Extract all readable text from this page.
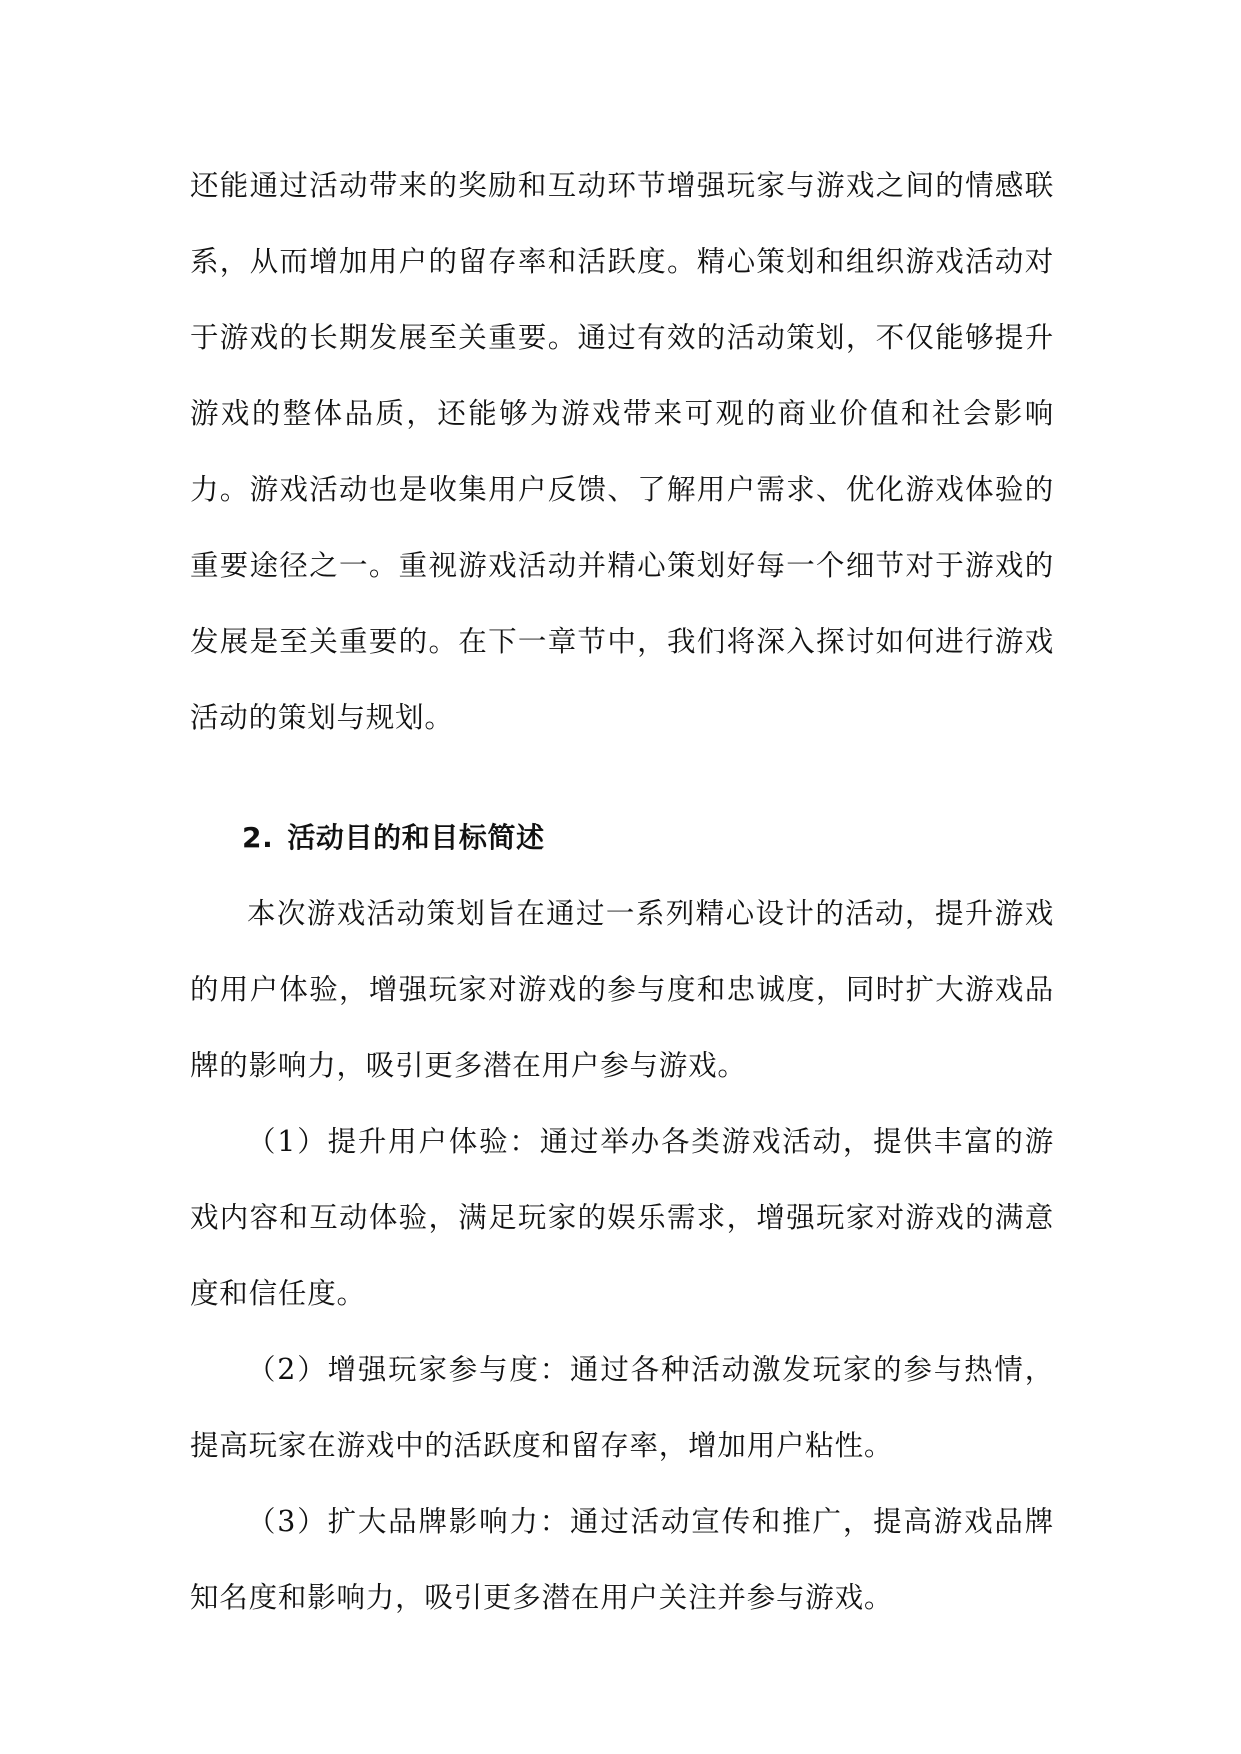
还能通过活动带来的奖励和互动环节增强玩家与游戏之间的情感联系，从而增加用户的留存率和活跃度。精心策划和组织游戏活动对于游戏的长期发展至关重要。通过有效的活动策划，不仅能够提升游戏的整体品质，还能够为游戏带来可观的商业价值和社会影响力。游戏活动也是收集用户反馈、了解用户需求、优化游戏体验的重要途径之一。重视游戏活动并精心策划好每一个细节对于游戏的发展是至关重要的。在下一章节中，我们将深入探讨如何进行游戏活动的策划与规划。

2. 活动目的和目标简述

本次游戏活动策划旨在通过一系列精心设计的活动，提升游戏的用户体验，增强玩家对游戏的参与度和忠诚度，同时扩大游戏品牌的影响力，吸引更多潜在用户参与游戏。

（1）提升用户体验：通过举办各类游戏活动，提供丰富的游戏内容和互动体验，满足玩家的娱乐需求，增强玩家对游戏的满意度和信任度。

（2）增强玩家参与度：通过各种活动激发玩家的参与热情，提高玩家在游戏中的活跃度和留存率，增加用户粘性。

（3）扩大品牌影响力：通过活动宣传和推广，提高游戏品牌知名度和影响力，吸引更多潜在用户关注并参与游戏。
